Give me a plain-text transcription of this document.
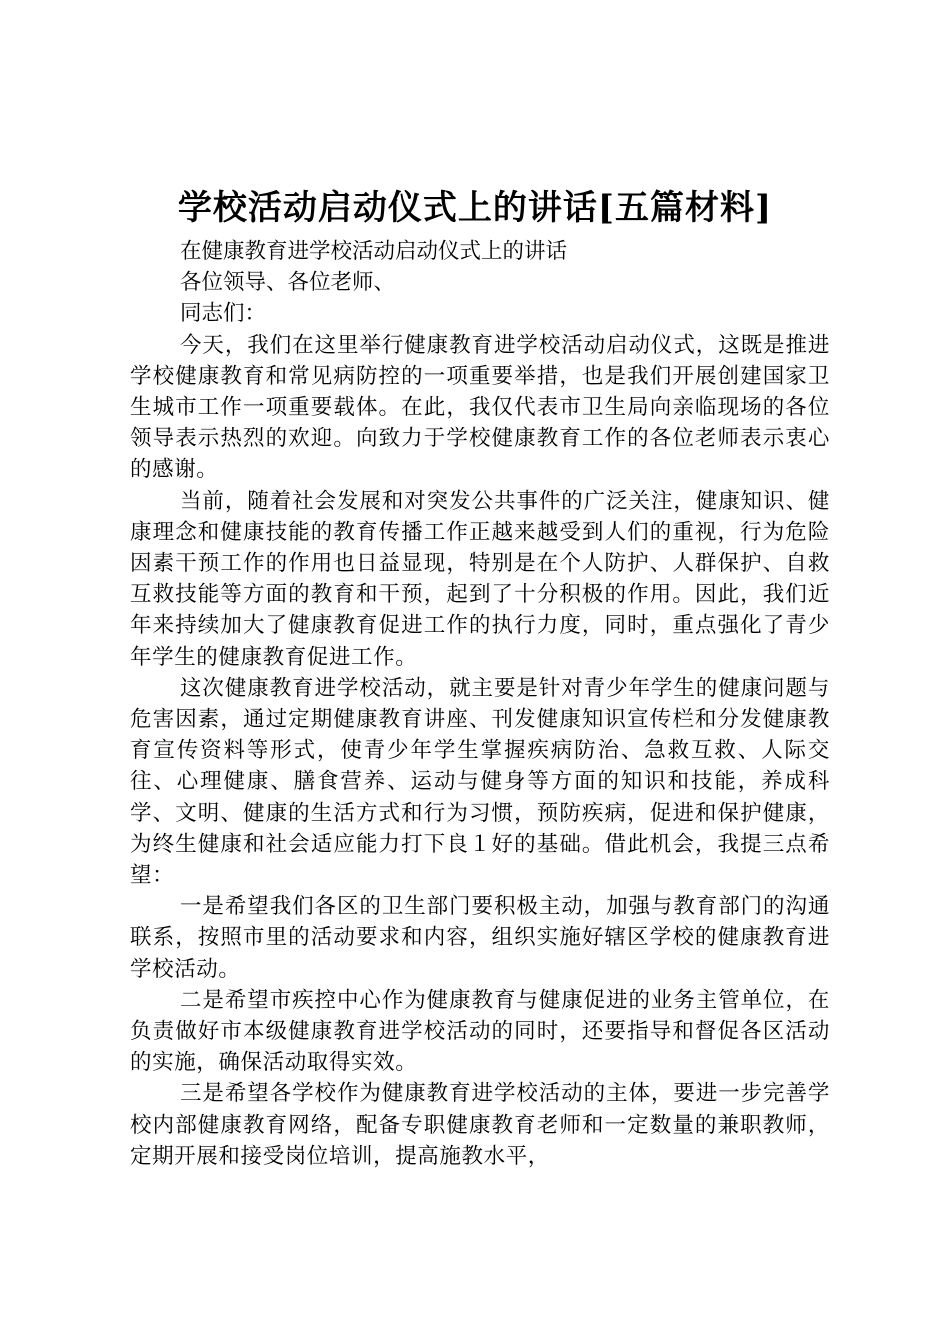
学校活动启动仪式上的讲话[五篇材料]

在健康教育进学校活动启动仪式上的讲话

各位领导、各位老师、

同志们：

今天，我们在这里举行健康教育进学校活动启动仪式，这既是推进学校健康教育和常见病防控的一项重要举措，也是我们开展创建国家卫生城市工作一项重要载体。在此，我仅代表市卫生局向亲临现场的各位领导表示热烈的欢迎。向致力于学校健康教育工作的各位老师表示衷心的感谢。

当前，随着社会发展和对突发公共事件的广泛关注，健康知识、健康理念和健康技能的教育传播工作正越来越受到人们的重视，行为危险因素干预工作的作用也日益显现，特别是在个人防护、人群保护、自救互救技能等方面的教育和干预，起到了十分积极的作用。因此，我们近年来持续加大了健康教育促进工作的执行力度，同时，重点强化了青少年学生的健康教育促进工作。

这次健康教育进学校活动，就主要是针对青少年学生的健康问题与危害因素，通过定期健康教育讲座、刊发健康知识宣传栏和分发健康教育宣传资料等形式，使青少年学生掌握疾病防治、急救互救、人际交往、心理健康、膳食营养、运动与健身等方面的知识和技能，养成科学、文明、健康的生活方式和行为习惯，预防疾病，促进和保护健康，为终生健康和社会适应能力打下良１好的基础。借此机会，我提三点希望：

一是希望我们各区的卫生部门要积极主动，加强与教育部门的沟通联系，按照市里的活动要求和内容，组织实施好辖区学校的健康教育进学校活动。

二是希望市疾控中心作为健康教育与健康促进的业务主管单位，在负责做好市本级健康教育进学校活动的同时，还要指导和督促各区活动的实施，确保活动取得实效。

三是希望各学校作为健康教育进学校活动的主体，要进一步完善学校内部健康教育网络，配备专职健康教育老师和一定数量的兼职教师，定期开展和接受岗位培训，提高施教水平，
